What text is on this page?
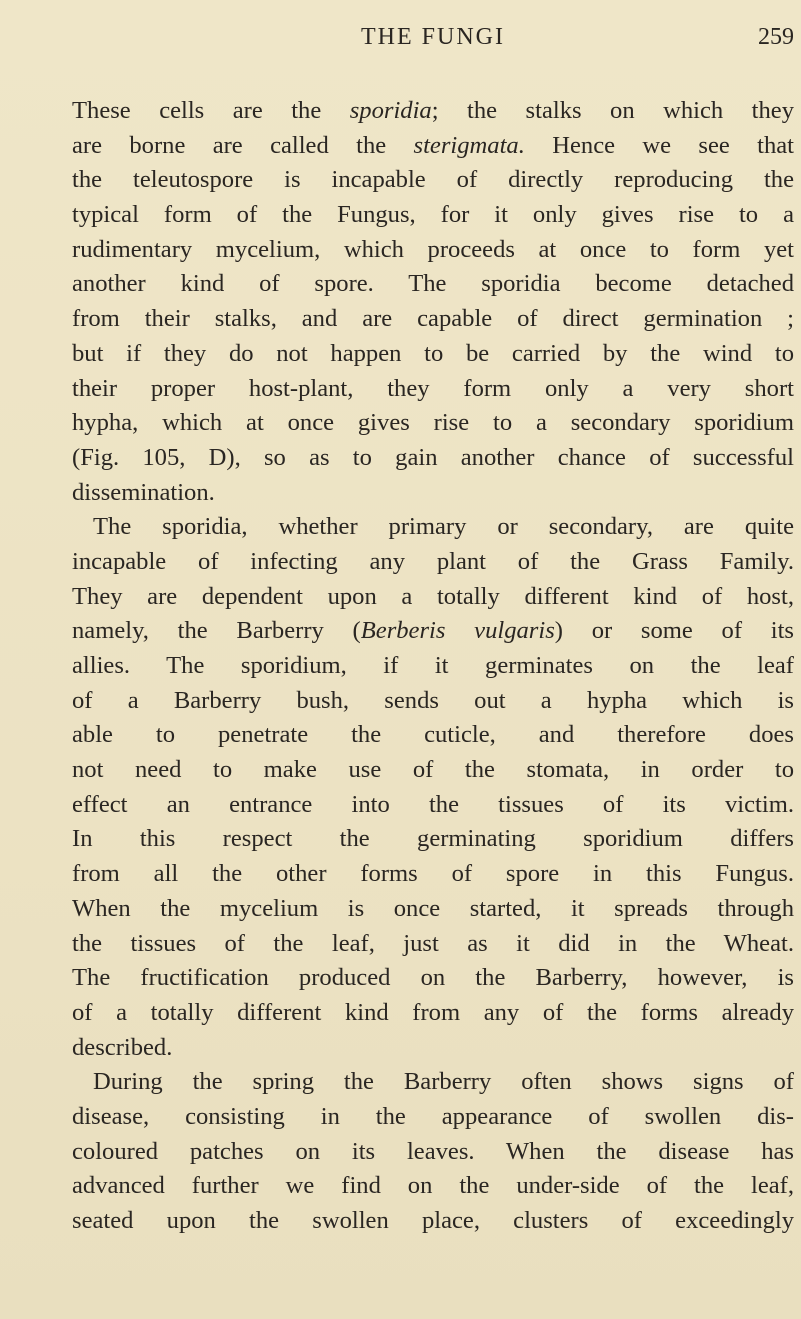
THE FUNGI	259
These cells are the sporidia; the stalks on which they
are borne are called the sterigmata. Hence we see that
the teleutospore is incapable of directly reproducing the
typical form of the Fungus, for it only gives rise to a
rudimentary mycelium, which proceeds at once to form yet
another kind of spore. The sporidia become detached
from their stalks, and are capable of direct germination ;
but if they do not happen to be carried by the wind to
their proper host-plant, they form only a very short
hypha, which at once gives rise to a secondary sporidium
(Fig. 105, D), so as to gain another chance of successful
dissemination.
The sporidia, whether primary or secondary, are quite
incapable of infecting any plant of the Grass Family.
They are dependent upon a totally different kind of host,
namely, the Barberry (Berberis vulgaris) or some of its
allies. The sporidium, if it germinates on the leaf
of a Barberry bush, sends out a hypha which is
able to penetrate the cuticle, and therefore does
not need to make use of the stomata, in order to
effect an entrance into the tissues of its victim.
In this respect the germinating sporidium differs
from all the other forms of spore in this Fungus.
When the mycelium is once started, it spreads through
the tissues of the leaf, just as it did in the Wheat.
The fructification produced on the Barberry, however, is
of a totally different kind from any of the forms already
described.
During the spring the Barberry often shows signs of
disease, consisting in the appearance of swollen dis-
coloured patches on its leaves. When the disease has
advanced further we find on the under-side of the leaf,
seated upon the swollen place, clusters of exceedingly
